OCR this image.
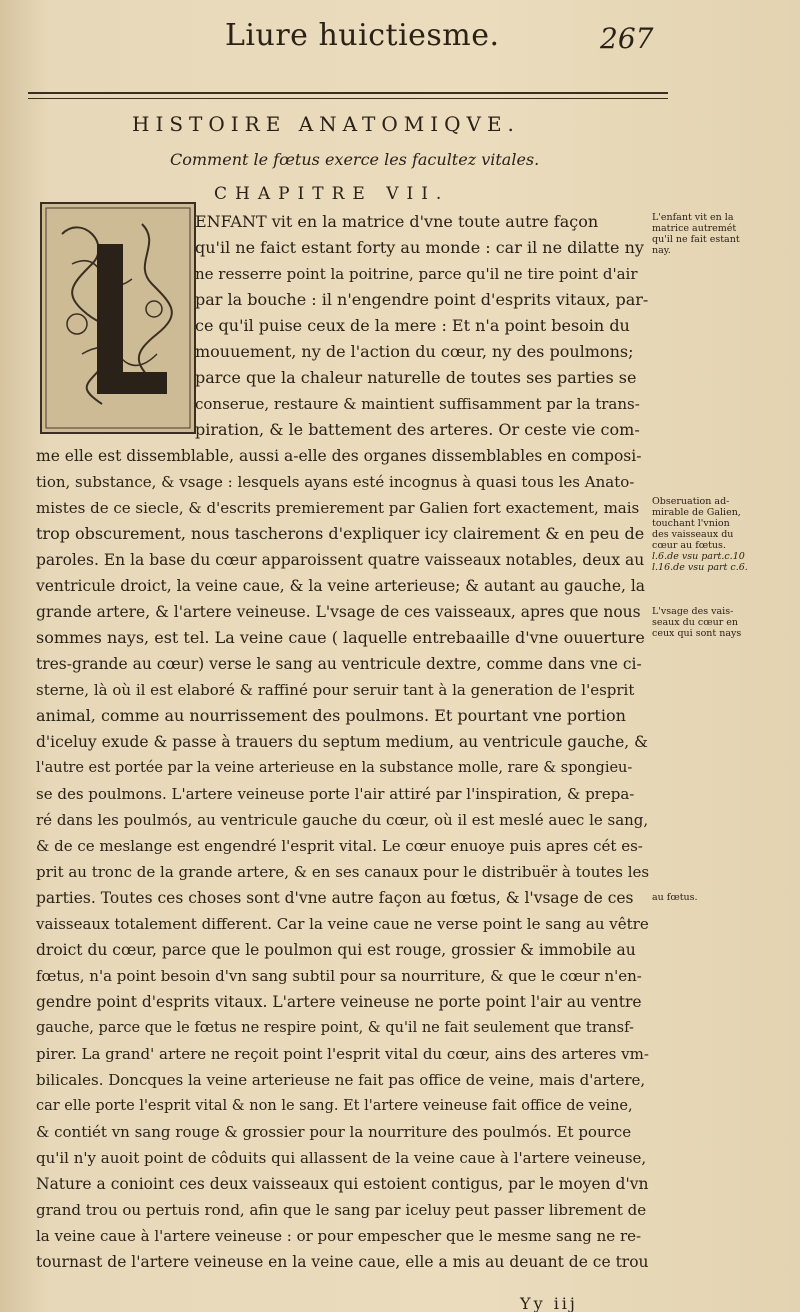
Liure huictiesme.	267
HISTOIRE ANATOMIQVE.
Comment le fœtus exerce les facultez vitales.
CHAPITRE VII.
ENFANT vit en la matrice d'vne toute autre façon
qu'il ne faict estant forty au monde : car il ne dilatte ny
ne resserre point la poitrine, parce qu'il ne tire point d'air
par la bouche : il n'engendre point d'esprits vitaux, par-
ce qu'il puise ceux de la mere : Et n'a point besoin du
mouuement, ny de l'action du cœur, ny des poulmons;
parce que la chaleur naturelle de toutes ses parties se
conserue, restaure & maintient suffisamment par la trans-
piration, & le battement des arteres. Or ceste vie com-
me elle est dissemblable, aussi a-elle des organes dissemblables en composi-
tion, substance, & vsage : lesquels ayans esté incognus à quasi tous les Anato-
mistes de ce siecle, & d'escrits premierement par Galien fort exactement, mais
trop obscurement, nous tascherons d'expliquer icy clairement & en peu de
paroles. En la base du cœur apparoissent quatre vaisseaux notables, deux au
ventricule droict, la veine caue, & la veine arterieuse; & autant au gauche, la
grande artere, & l'artere veineuse. L'vsage de ces vaisseaux, apres que nous
sommes nays, est tel. La veine caue ( laquelle entrebaaille d'vne ouuerture
tres-grande au cœur) verse le sang au ventricule dextre, comme dans vne ci-
sterne, là où il est elaboré & raffiné pour seruir tant à la generation de l'esprit
animal, comme au nourrissement des poulmons. Et pourtant vne portion
d'iceluy exude & passe à trauers du septum medium, au ventricule gauche, &
l'autre est portée par la veine arterieuse en la substance molle, rare & spongieu-
se des poulmons. L'artere veineuse porte l'air attiré par l'inspiration, & prepa-
ré dans les poulmós, au ventricule gauche du cœur, où il est meslé auec le sang,
& de ce meslange est engendré l'esprit vital. Le cœur enuoye puis apres cét es-
prit au tronc de la grande artere, & en ses canaux pour le distribuër à toutes les
parties. Toutes ces choses sont d'vne autre façon au fœtus, & l'vsage de ces
vaisseaux totalement different. Car la veine caue ne verse point le sang au vêtre
droict du cœur, parce que le poulmon qui est rouge, grossier & immobile au
fœtus, n'a point besoin d'vn sang subtil pour sa nourriture, & que le cœur n'en-
gendre point d'esprits vitaux. L'artere veineuse ne porte point l'air au ventre
gauche, parce que le fœtus ne respire point, & qu'il ne fait seulement que transf-
pirer. La grand' artere ne reçoit point l'esprit vital du cœur, ains des arteres vm-
bilicales. Doncques la veine arterieuse ne fait pas office de veine, mais d'artere,
car elle porte l'esprit vital & non le sang. Et l'artere veineuse fait office de veine,
& contiét vn sang rouge & grossier pour la nourriture des poulmós. Et pource
qu'il n'y auoit point de côduits qui allassent de la veine caue à l'artere veineuse,
Nature a conioint ces deux vaisseaux qui estoient contigus, par le moyen d'vn
grand trou ou pertuis rond, afin que le sang par iceluy peut passer librement de
la veine caue à l'artere veineuse : or pour empescher que le mesme sang ne re-
tournast de l'artere veineuse en la veine caue, elle a mis au deuant de ce trou
L'enfant vit en la
matrice autremét
qu'il ne fait estant
nay.
Obseruation ad-
mirable de Galien,
touchant l'vnion
des vaisseaux du
cœur au fœtus.
l.6.de vsu part.c.10
l.16.de vsu part c.6.
L'vsage des vais-
seaux du cœur en
ceux qui sont nays
au fœtus.
Yy iij
